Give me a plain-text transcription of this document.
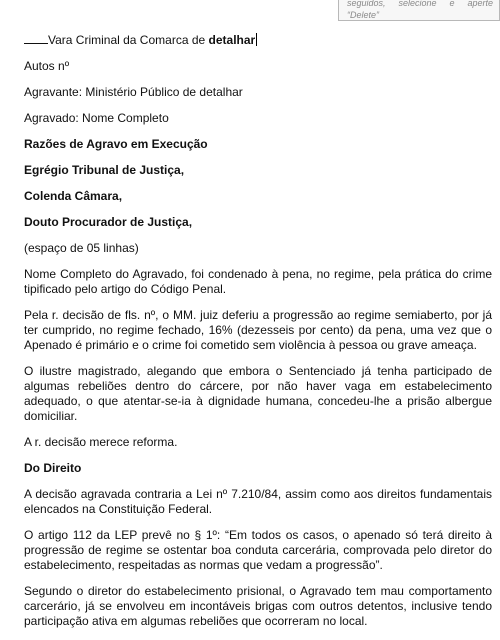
seguidos, selecione e aperte
“Delete”

Vara Criminal da Comarca de detalhar

Autos nº

Agravante: Ministério Público de detalhar

Agravado: Nome Completo

Razões de Agravo em Execução

Egrégio Tribunal de Justiça,

Colenda Câmara,

Douto Procurador de Justiça,

(espaço de 05 linhas)

Nome Completo do Agravado, foi condenado à pena, no regime, pela prática do crime tipificado pelo artigo do Código Penal.

Pela r. decisão de fls. nº, o MM. juiz deferiu a progressão ao regime semiaberto, por já ter cumprido, no regime fechado, 16% (dezesseis por cento) da pena, uma vez que o Apenado é primário e o crime foi cometido sem violência à pessoa ou grave ameaça.

O ilustre magistrado, alegando que embora o Sentenciado já tenha participado de algumas rebeliões dentro do cárcere, por não haver vaga em estabelecimento adequado, o que atentar-se-ia à dignidade humana, concedeu-lhe a prisão albergue domiciliar.

A r. decisão merece reforma.

Do Direito

A decisão agravada contraria a Lei nº 7.210/84, assim como aos direitos fundamentais elencados na Constituição Federal.

O artigo 112 da LEP prevê no § 1º: “Em todos os casos, o apenado só terá direito à progressão de regime se ostentar boa conduta carcerária, comprovada pelo diretor do estabelecimento, respeitadas as normas que vedam a progressão”.

Segundo o diretor do estabelecimento prisional, o Agravado tem mau comportamento carcerário, já se envolveu em incontáveis brigas com outros detentos, inclusive tendo participação ativa em algumas rebeliões que ocorreram no local.
